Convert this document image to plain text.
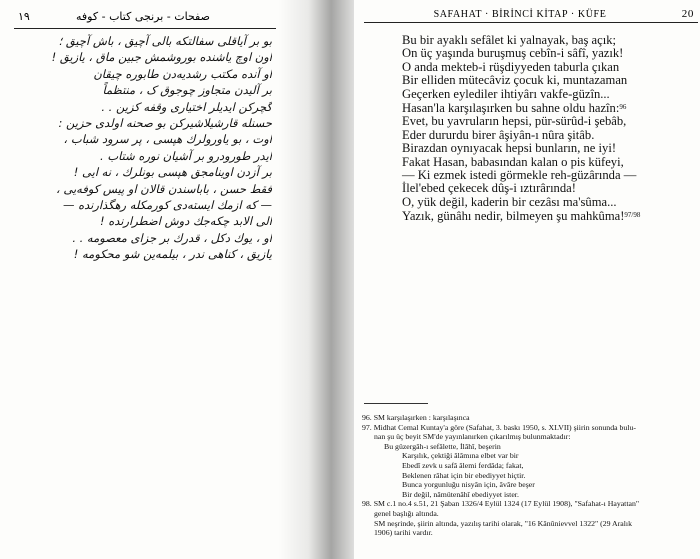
صفحات - برنجی کتاب - کوفه
١٩
بو بر آیاقلی سفالتکه بالی آچیق ، باش آچیق ؛
اون اوچ یاشنده بوروشمش جبین ماق ، یازیق !
او آنده مکتب رشدیه‌دن طابوره چیقان
بر آلیدن متجاوز چوجوق ک ، منتظماً
گچرکن ایدیلر اختیاری وقفه کزین . .
حسنله قارشیلاشیرکن بو صحنه اولدی حزین :
اوت ، بو یاورولرك هپسی ، پر سرود شباب ،
ایدر طورودرو بر آشیان نوره شتاب .
بر آزدن اوینامجق هپسی بونلرك ، نه ایی !
فقط حسن ، باباسندن قالان او پیس کوفه‌یی ،
— كه ازمك ایسته‌دی کورمكله رهگذارنده —
الی الابد چکه‌جك دوش اضطرارنده !
او ، یوك دكل ، قدرك بر جزای معصومه . .
یازیق ، کناهی ندر ، بیلمه‌ین شو محکومه !
SAFAHAT · BİRİNCİ KİTAP · KÜFE	20
Bu bir ayaklı sefâlet ki yalnayak, baş açık;
On üç yaşında buruşmuş cebîn-i sâfî, yazık!
O anda mekteb-i rüşdiyyeden taburla çıkan
Bir elliden mütecâviz çocuk ki, muntazaman
Geçerken eylediler ihtiyârı vakfe-güzîn...
Hasan'la karşılaşırken bu sahne oldu hazîn:$^{96}$
Evet, bu yavruların hepsi, pür-sürûd-i şebâb,
Eder dururdu birer âşiyân-ı nûra şitâb.
Birazdan oynıyacak hepsi bunların, ne iyi!
Fakat Hasan, babasından kalan o pis küfeyi,
— Ki ezmek istedi görmekle reh-güzârında —
İlel'ebed çekecek dûş-i ıztırârında!
O, yük değil, kaderin bir cezâsı ma'sûma...
Yazık, günâhı nedir, bilmeyen şu mahkûma!$^{97/98}$
96. SM karşılaşırken : karşılaşınca
97. Midhat Cemal Kuntay'a göre (Safahat, 3. baskı 1950, s. XLVII) şiirin sonunda bulu-
nan şu üç beyit SM'de yayınlanırken çıkarılmış bulunmaktadır:
Bu güzergâh-ı sefâlette, İlâhî, beşerin
Karşılık, çektiği âlâmına elbet var bir
Ebedî zevk u safâ âlemi ferdâda; fakat,
Beklenen râhat için bir ebediyyet hiçtir.
Bunca yorgunluğu nisyân için, âvâre beşer
Bir değil, nâmütenâhî ebediyyet ister.
98. SM c.1 no.4 s.51, 21 Şaban 1326/4 Eylül 1324 (17 Eylül 1908), "Safahat-ı Hayattan"
genel başlığı altında.
SM neşrinde, şiirin altında, yazılış tarihi olarak, "16 Kânûnievvel 1322" (29 Aralık
1906) tarihi vardır.
